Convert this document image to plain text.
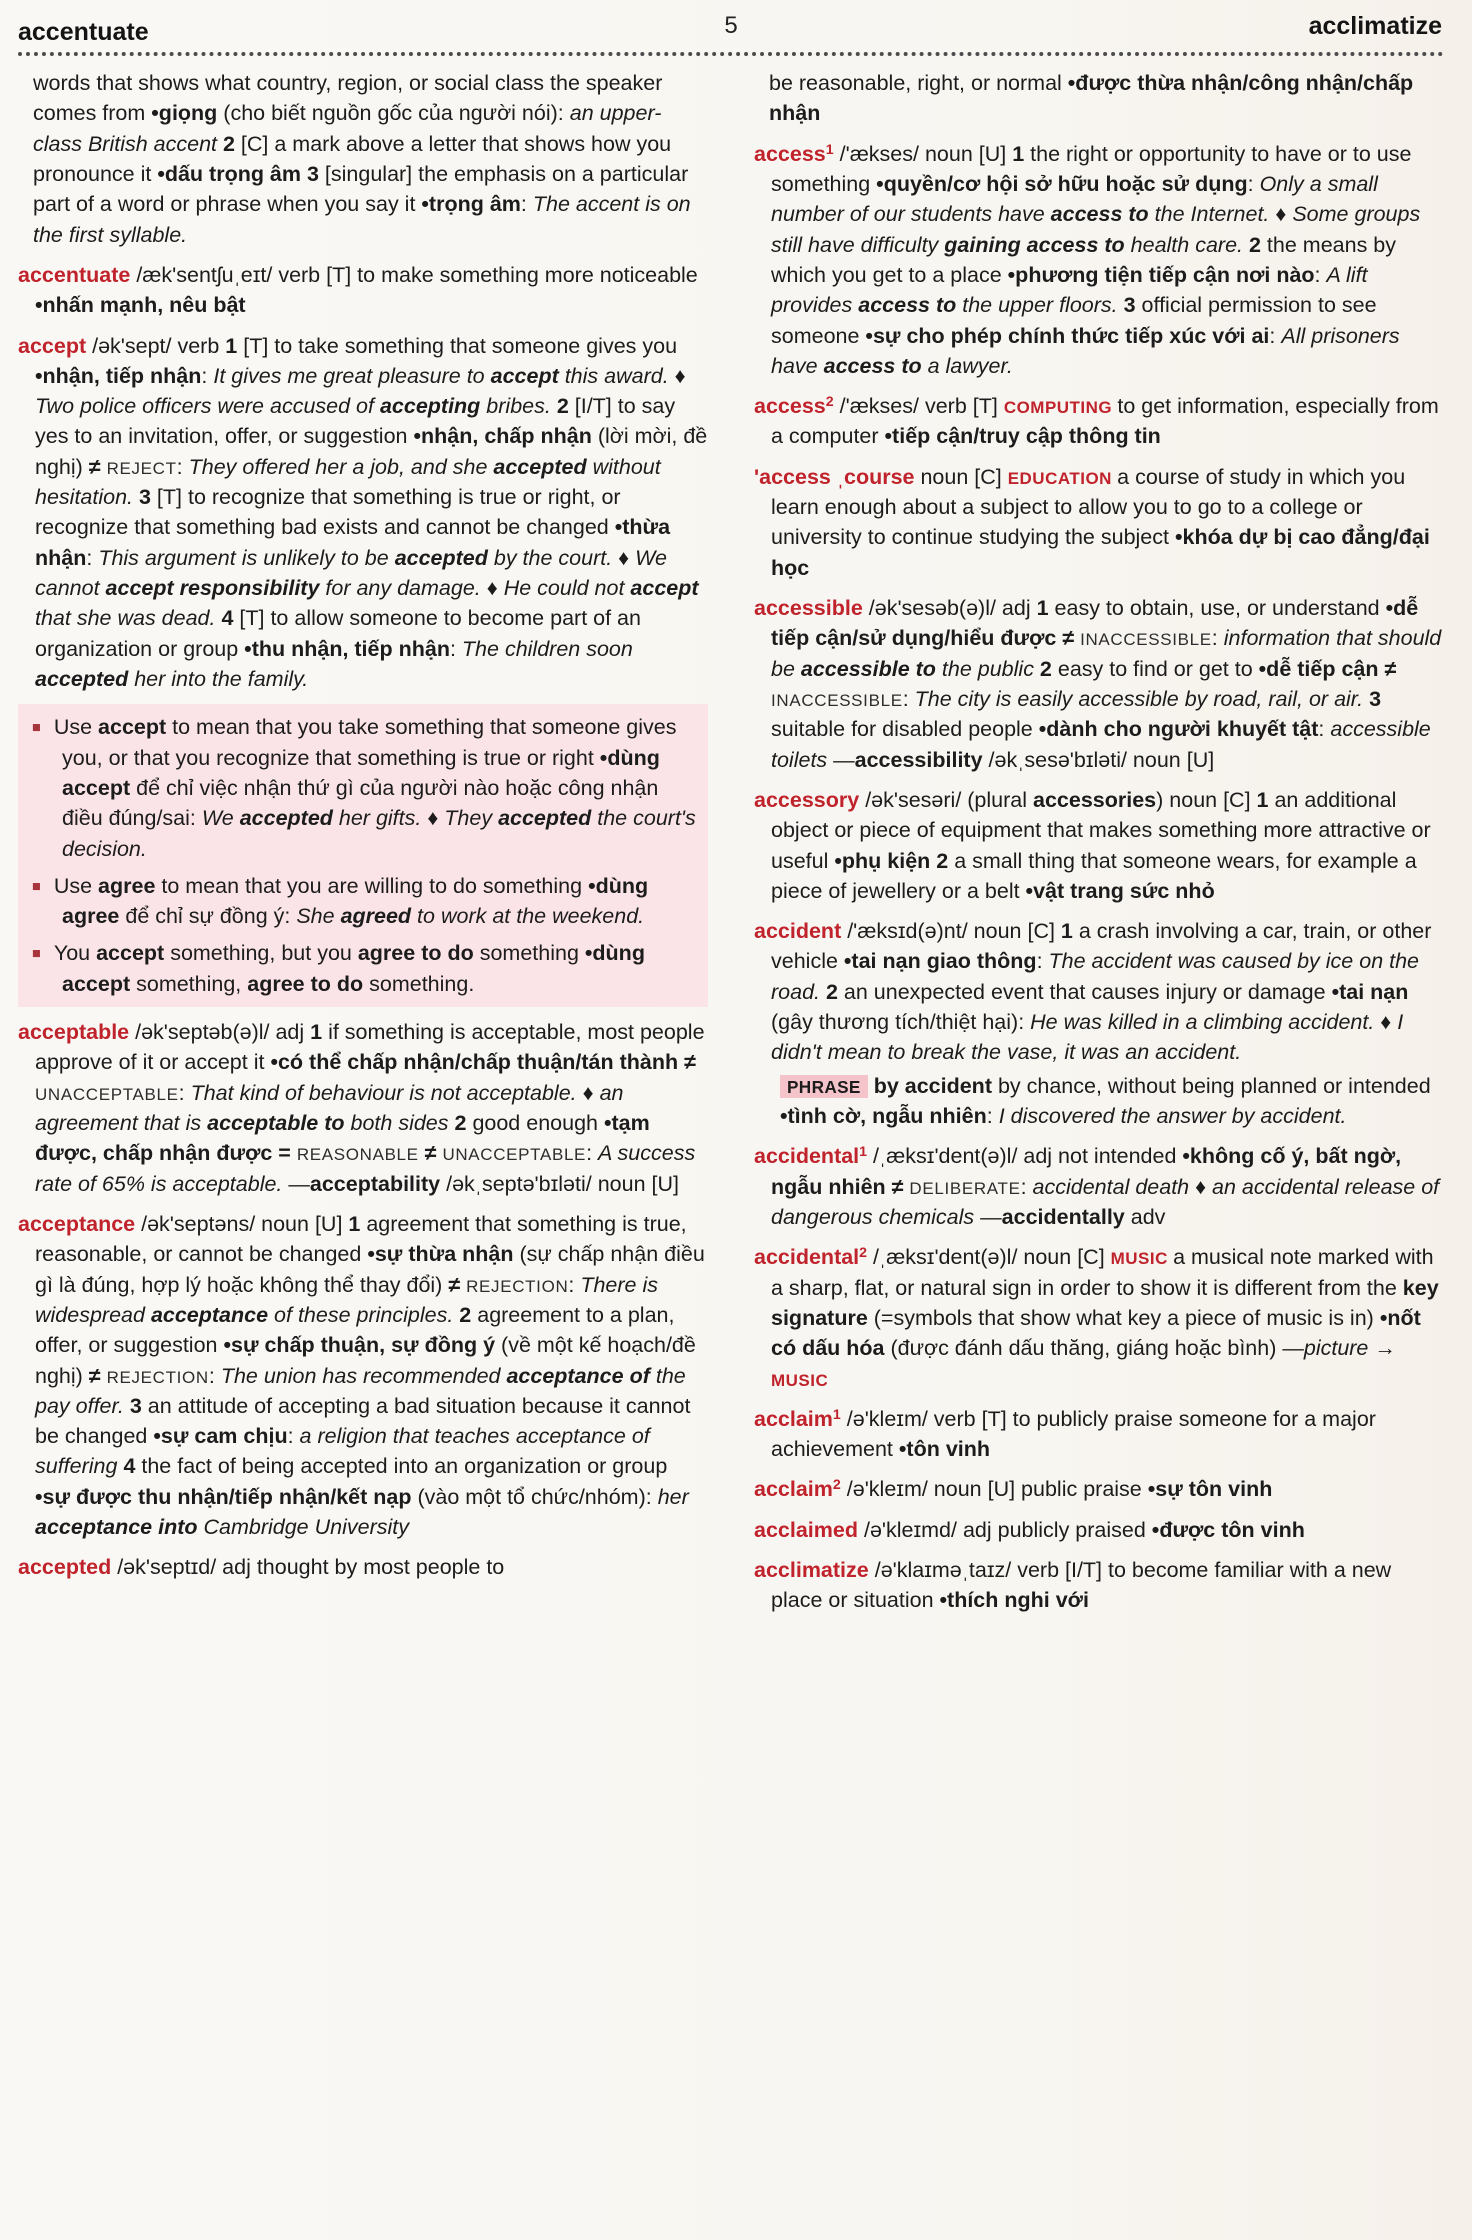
accentuate	5	acclimatize

words that shows what country, region, or social class the speaker comes from •giọng (cho biết nguồn gốc của người nói): an upper-class British accent 2 [C] a mark above a letter that shows how you pronounce it •dấu trọng âm 3 [singular] the emphasis on a particular part of a word or phrase when you say it •trọng âm: The accent is on the first syllable.

accentuate /æk'sentʃuˌeɪt/ verb [T] to make something more noticeable •nhấn mạnh, nêu bật

accept /ək'sept/ verb 1 [T] to take something that someone gives you •nhận, tiếp nhận: It gives me great pleasure to accept this award. ♦ Two police officers were accused of accepting bribes. 2 [I/T] to say yes to an invitation, offer, or suggestion •nhận, chấp nhận (lời mời, đề nghị) ≠ REJECT: They offered her a job, and she accepted without hesitation. 3 [T] to recognize that something is true or right, or recognize that something bad exists and cannot be changed •thừa nhận: This argument is unlikely to be accepted by the court. ♦ We cannot accept responsibility for any damage. ♦ He could not accept that she was dead. 4 [T] to allow someone to become part of an organization or group •thu nhận, tiếp nhận: The children soon accepted her into the family.

■ Use accept to mean that you take something that someone gives you, or that you recognize that something is true or right •dùng accept để chỉ việc nhận thứ gì của người nào hoặc công nhận điều đúng/sai: We accepted her gifts. ♦ They accepted the court's decision.

■ Use agree to mean that you are willing to do something •dùng agree để chỉ sự đồng ý: She agreed to work at the weekend.

■ You accept something, but you agree to do something •dùng accept something, agree to do something.

acceptable /ək'septəb(ə)l/ adj 1 if something is acceptable, most people approve of it or accept it •có thể chấp nhận/chấp thuận/tán thành ≠ UNACCEPTABLE: That kind of behaviour is not acceptable. ♦ an agreement that is acceptable to both sides 2 good enough •tạm được, chấp nhận được = REASONABLE ≠ UNACCEPTABLE: A success rate of 65% is acceptable. —acceptability /əkˌseptə'bɪləti/ noun [U]

acceptance /ək'septəns/ noun [U] 1 agreement that something is true, reasonable, or cannot be changed •sự thừa nhận (sự chấp nhận điều gì là đúng, hợp lý hoặc không thể thay đổi) ≠ REJECTION: There is widespread acceptance of these principles. 2 agreement to a plan, offer, or suggestion •sự chấp thuận, sự đồng ý (về một kế hoạch/đề nghị) ≠ REJECTION: The union has recommended acceptance of the pay offer. 3 an attitude of accepting a bad situation because it cannot be changed •sự cam chịu: a religion that teaches acceptance of suffering 4 the fact of being accepted into an organization or group •sự được thu nhận/tiếp nhận/kết nạp (vào một tổ chức/nhóm): her acceptance into Cambridge University

accepted /ək'septɪd/ adj thought by most people to

be reasonable, right, or normal •được thừa nhận/công nhận/chấp nhận

access$^1$ /'ækses/ noun [U] 1 the right or opportunity to have or to use something •quyền/cơ hội sở hữu hoặc sử dụng: Only a small number of our students have access to the Internet. ♦ Some groups still have difficulty gaining access to health care. 2 the means by which you get to a place •phương tiện tiếp cận nơi nào: A lift provides access to the upper floors. 3 official permission to see someone •sự cho phép chính thức tiếp xúc với ai: All prisoners have access to a lawyer.

access$^2$ /'ækses/ verb [T] COMPUTING to get information, especially from a computer •tiếp cận/truy cập thông tin

'access ˌcourse noun [C] EDUCATION a course of study in which you learn enough about a subject to allow you to go to a college or university to continue studying the subject •khóa dự bị cao đẳng/đại học

accessible /ək'sesəb(ə)l/ adj 1 easy to obtain, use, or understand •dễ tiếp cận/sử dụng/hiểu được ≠ INACCESSIBLE: information that should be accessible to the public 2 easy to find or get to •dễ tiếp cận ≠ INACCESSIBLE: The city is easily accessible by road, rail, or air. 3 suitable for disabled people •dành cho người khuyết tật: accessible toilets —accessibility /əkˌsesə'bɪləti/ noun [U]

accessory /ək'sesəri/ (plural accessories) noun [C] 1 an additional object or piece of equipment that makes something more attractive or useful •phụ kiện 2 a small thing that someone wears, for example a piece of jewellery or a belt •vật trang sức nhỏ

accident /'æksɪd(ə)nt/ noun [C] 1 a crash involving a car, train, or other vehicle •tai nạn giao thông: The accident was caused by ice on the road. 2 an unexpected event that causes injury or damage •tai nạn (gây thương tích/thiệt hại): He was killed in a climbing accident. ♦ I didn't mean to break the vase, it was an accident.

PHRASE by accident by chance, without being planned or intended •tình cờ, ngẫu nhiên: I discovered the answer by accident.

accidental$^1$ /ˌæksɪ'dent(ə)l/ adj not intended •không cố ý, bất ngờ, ngẫu nhiên ≠ DELIBERATE: accidental death ♦ an accidental release of dangerous chemicals —accidentally adv

accidental$^2$ /ˌæksɪ'dent(ə)l/ noun [C] MUSIC a musical note marked with a sharp, flat, or natural sign in order to show it is different from the key signature (=symbols that show what key a piece of music is in) •nốt có dấu hóa (được đánh dấu thăng, giáng hoặc bình) —picture → MUSIC

acclaim$^1$ /ə'kleɪm/ verb [T] to publicly praise someone for a major achievement •tôn vinh

acclaim$^2$ /ə'kleɪm/ noun [U] public praise •sự tôn vinh

acclaimed /ə'kleɪmd/ adj publicly praised •được tôn vinh

acclimatize /ə'klaɪməˌtaɪz/ verb [I/T] to become familiar with a new place or situation •thích nghi với
